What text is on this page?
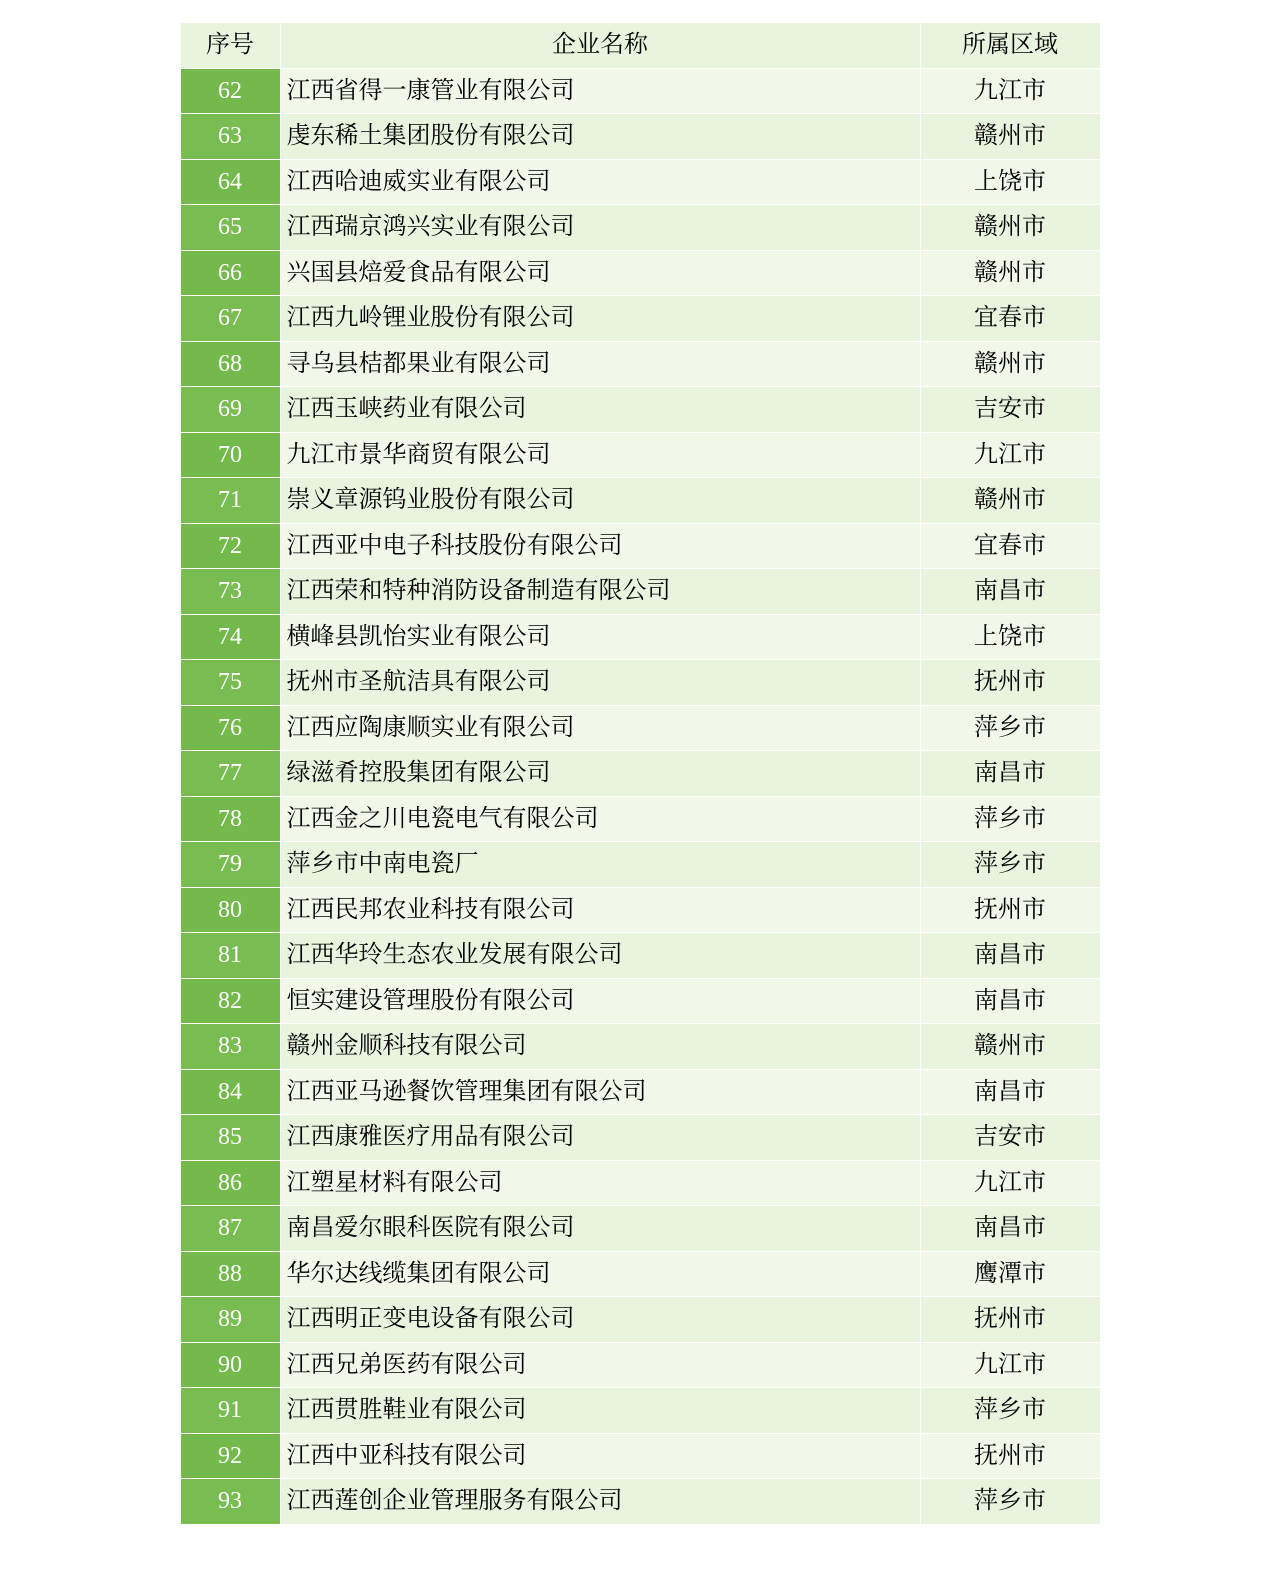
序号	企业名称	所属区域
62	江西省得一康管业有限公司	九江市
63	虔东稀土集团股份有限公司	赣州市
64	江西哈迪威实业有限公司	上饶市
65	江西瑞京鸿兴实业有限公司	赣州市
66	兴国县焙爱食品有限公司	赣州市
67	江西九岭锂业股份有限公司	宜春市
68	寻乌县桔都果业有限公司	赣州市
69	江西玉峡药业有限公司	吉安市
70	九江市景华商贸有限公司	九江市
71	崇义章源钨业股份有限公司	赣州市
72	江西亚中电子科技股份有限公司	宜春市
73	江西荣和特种消防设备制造有限公司	南昌市
74	横峰县凯怡实业有限公司	上饶市
75	抚州市圣航洁具有限公司	抚州市
76	江西应陶康顺实业有限公司	萍乡市
77	绿滋肴控股集团有限公司	南昌市
78	江西金之川电瓷电气有限公司	萍乡市
79	萍乡市中南电瓷厂	萍乡市
80	江西民邦农业科技有限公司	抚州市
81	江西华玲生态农业发展有限公司	南昌市
82	恒实建设管理股份有限公司	南昌市
83	赣州金顺科技有限公司	赣州市
84	江西亚马逊餐饮管理集团有限公司	南昌市
85	江西康雅医疗用品有限公司	吉安市
86	江塑星材料有限公司	九江市
87	南昌爱尔眼科医院有限公司	南昌市
88	华尔达线缆集团有限公司	鹰潭市
89	江西明正变电设备有限公司	抚州市
90	江西兄弟医药有限公司	九江市
91	江西贯胜鞋业有限公司	萍乡市
92	江西中亚科技有限公司	抚州市
93	江西莲创企业管理服务有限公司	萍乡市
